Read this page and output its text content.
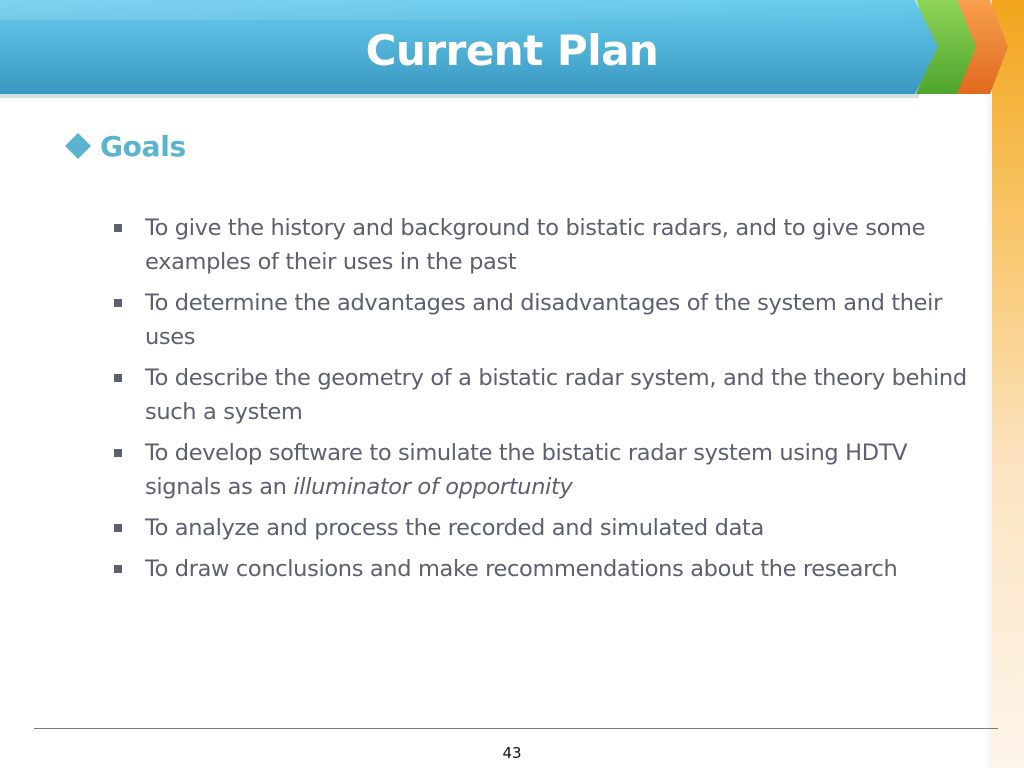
Current Plan
Goals
To give the history and background to bistatic radars, and to give some examples of their uses in the past
To determine the advantages and disadvantages of the system and their uses
To describe the geometry of a bistatic radar system, and the theory behind such a system
To develop software to simulate the bistatic radar system using HDTV signals as an illuminator of opportunity
To analyze and process the recorded and simulated data
To draw conclusions and make recommendations about the research
43
